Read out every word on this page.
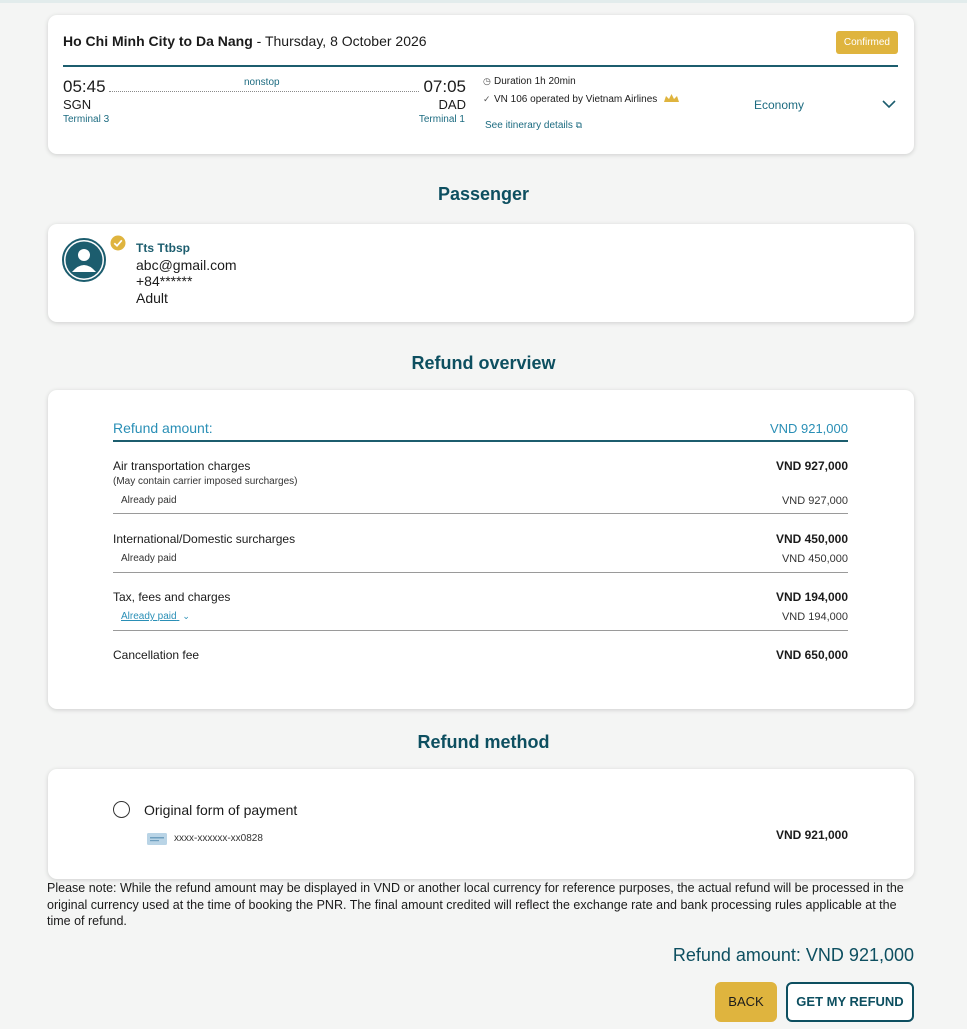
Ho Chi Minh City to Da Nang - Thursday, 8 October 2026	Confirmed
05:45
SGN
Terminal 3
nonstop	07:05
DAD
Terminal 1
◷ Duration 1h 20min
✓ VN 106 operated by Vietnam Airlines
See itinerary details ⧉
Economy
Passenger
Tts Ttbsp
abc@gmail.com
+84******
Adult
Refund overview
Refund amount:	VND 921,000
Air transportation charges	VND 927,000
(May contain carrier imposed surcharges)
Already paid	VND 927,000
International/Domestic surcharges	VND 450,000
Already paid	VND 450,000
Tax, fees and charges	VND 194,000
Already paid ⌄	VND 194,000
Cancellation fee	VND 650,000
Refund method
Original form of payment
xxxx-xxxxxx-xx0828	VND 921,000
Please note: While the refund amount may be displayed in VND or another local currency for reference purposes, the actual refund will be processed in the original currency used at the time of booking the PNR. The final amount credited will reflect the exchange rate and bank processing rules applicable at the time of refund.
Refund amount: VND 921,000
BACK	GET MY REFUND
